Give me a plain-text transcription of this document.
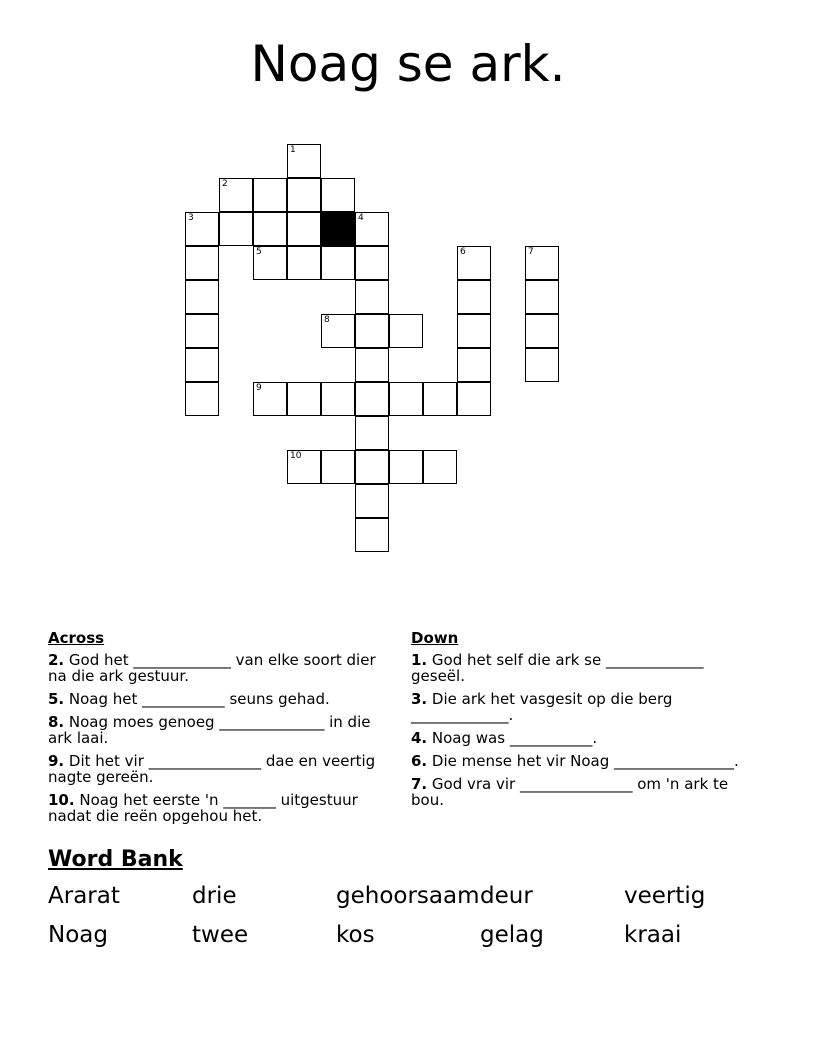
Noag se ark.
1
2
3	4
5	6	7
8
9
10
Across
2. God het _____________ van elke soort dier na die ark gestuur.
5. Noag het ___________ seuns gehad.
8. Noag moes genoeg ______________ in die ark laai.
9. Dit het vir _______________ dae en veertig nagte gereën.
10. Noag het eerste 'n _______ uitgestuur nadat die reën opgehou het.
Down
1. God het self die ark se _____________ geseël.
3. Die ark het vasgesit op die berg _____________.
4. Noag was ___________.
6. Die mense het vir Noag ________________.
7. God vra vir _______________ om 'n ark te bou.
Word Bank
Ararat	drie	gehoorsaam deur	veertig
Noag	twee	kos	gelag	kraai
